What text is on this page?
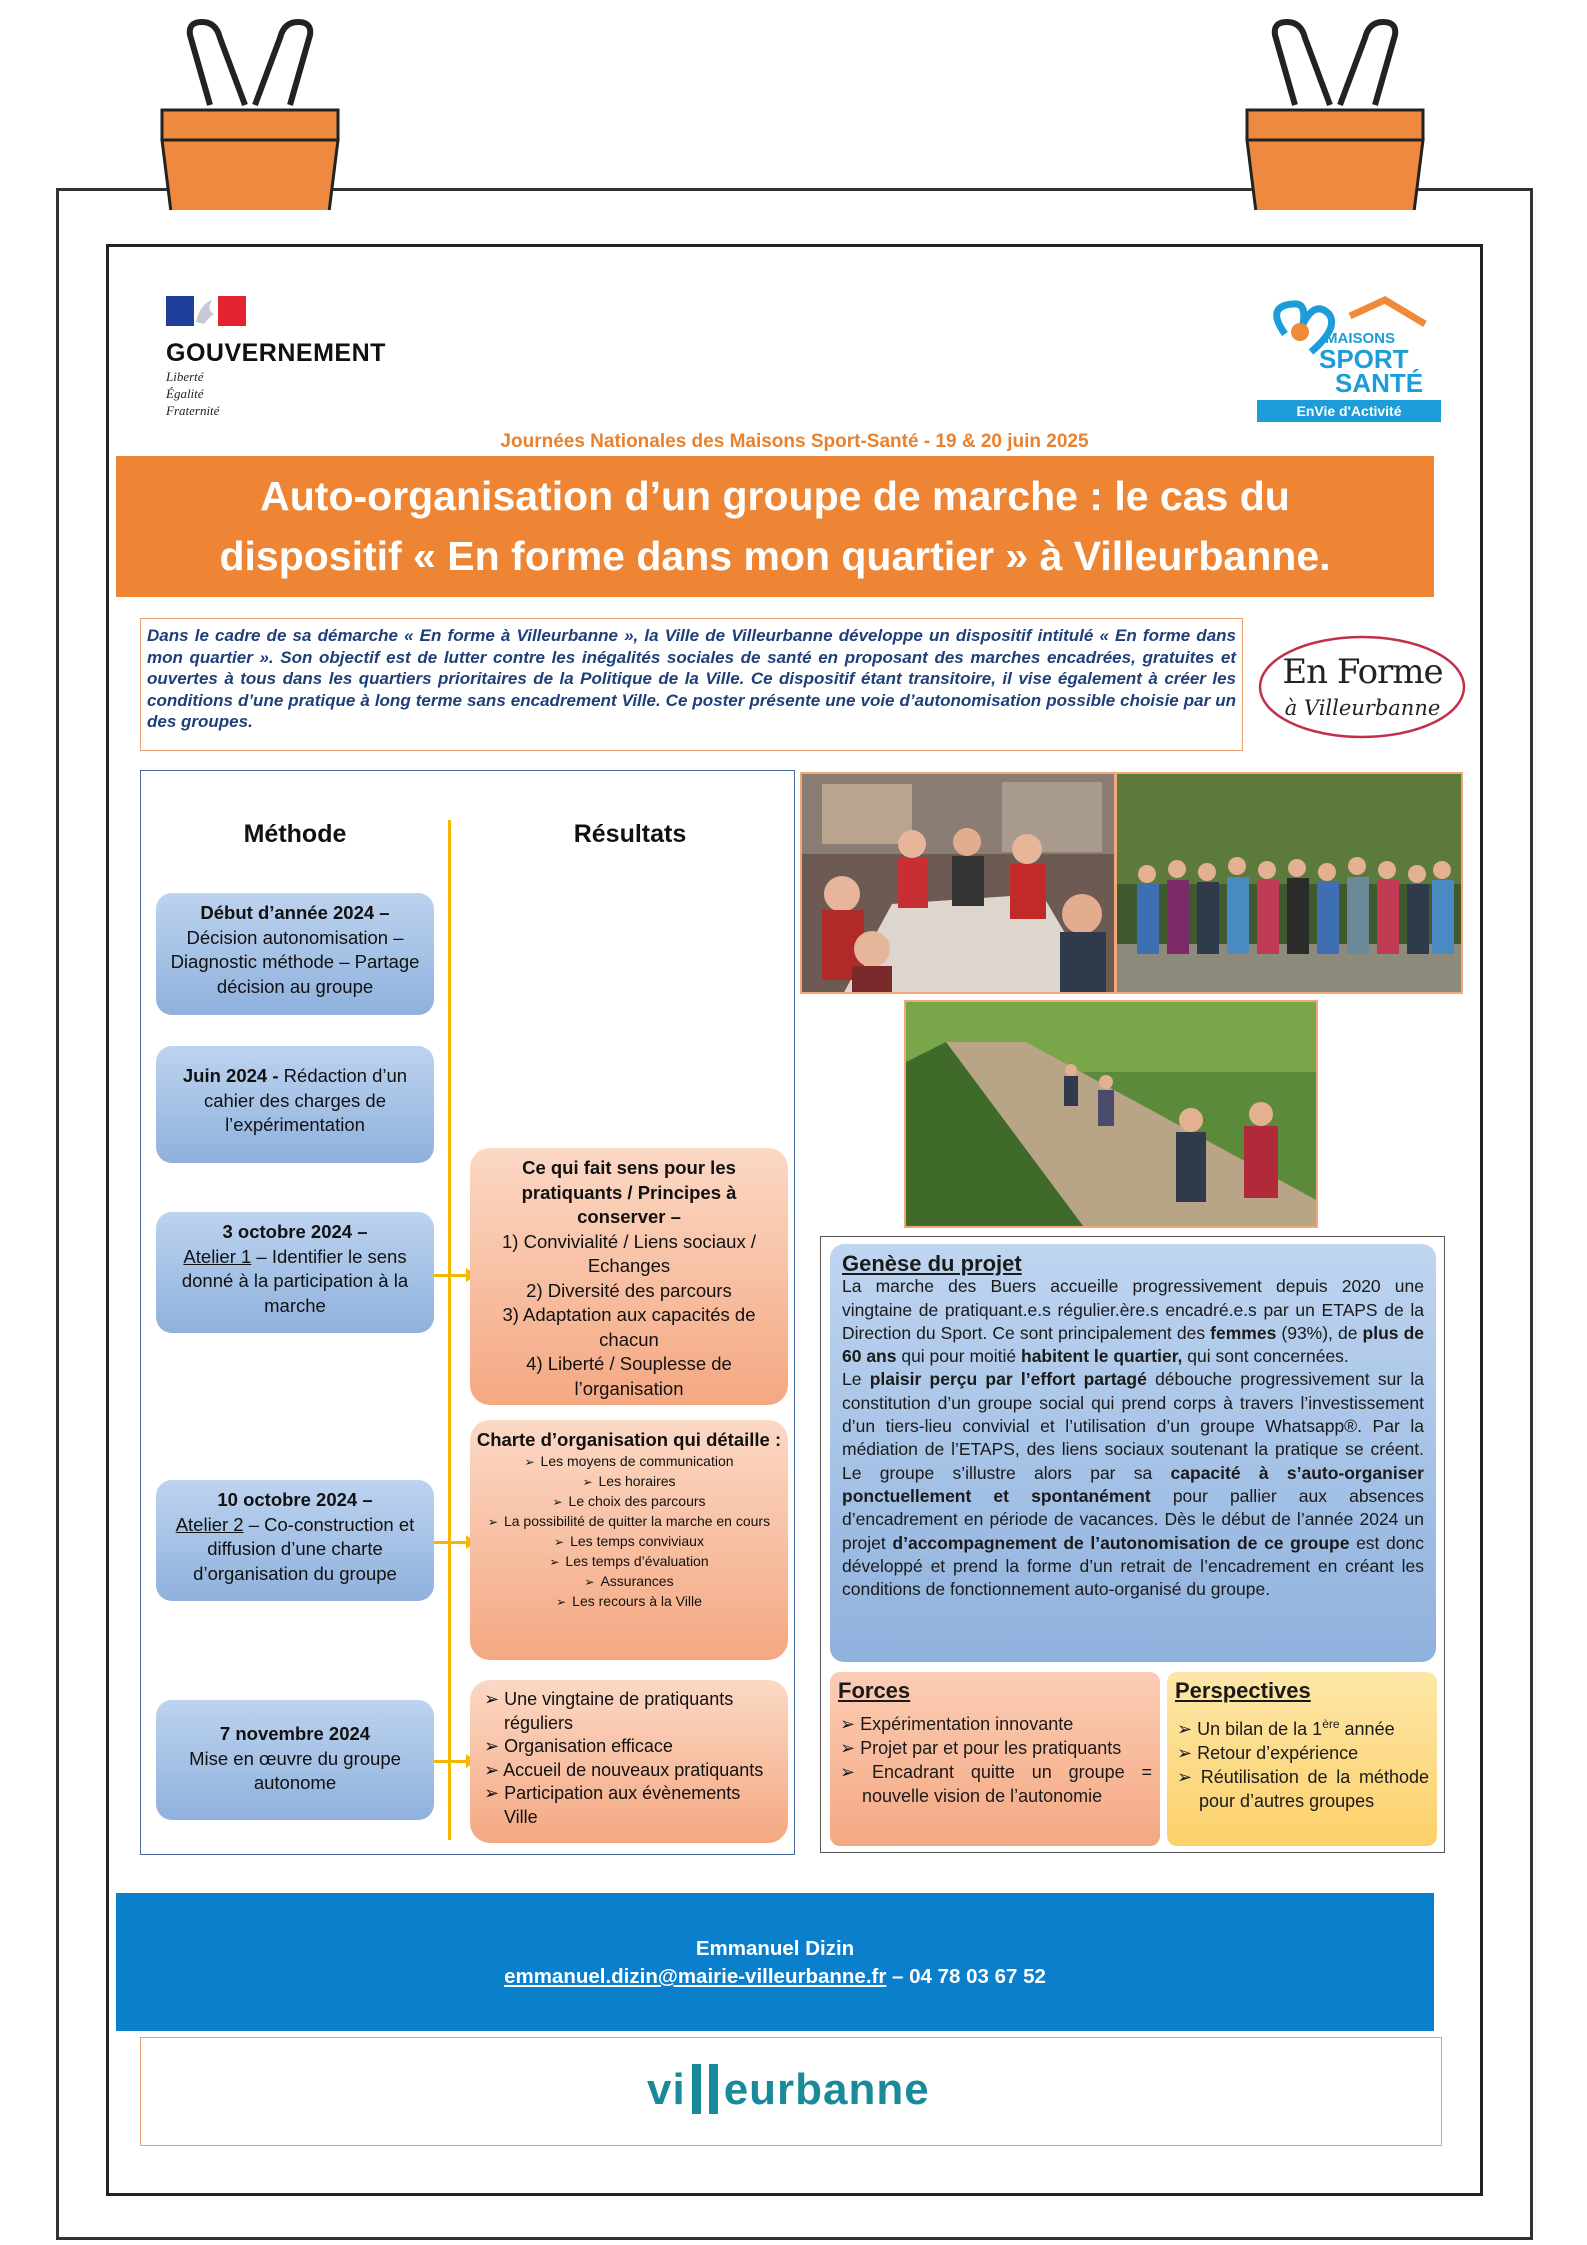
GOUVERNEMENT
Liberté
Égalité
Fraternité
MAISONS
SPORT
SANTÉ
EnVie d'Activité
Journées Nationales des Maisons Sport-Santé - 19 & 20 juin 2025
Auto-organisation d’un groupe de marche : le cas du
dispositif « En forme dans mon quartier » à Villeurbanne.
Dans le cadre de sa démarche « En forme à Villeurbanne », la Ville de Villeurbanne développe un dispositif intitulé « En forme dans mon quartier ». Son objectif est de lutter contre les inégalités sociales de santé en proposant des marches encadrées, gratuites et ouvertes à tous dans les quartiers prioritaires de la Politique de la Ville. Ce dispositif étant transitoire, il vise également à créer les conditions d’une pratique à long terme sans encadrement Ville. Ce poster présente une voie d’autonomisation possible choisie par un des groupes.
En Forme
à Villeurbanne
Méthode	Résultats
Début d’année 2024 –
Décision autonomisation – Diagnostic méthode – Partage décision au groupe
Juin 2024 - Rédaction d’un cahier des charges de l’expérimentation
3 octobre 2024 –
Atelier 1 – Identifier le sens donné à la participation à la marche
10 octobre 2024 –
Atelier 2 – Co-construction et diffusion d’une charte d’organisation du groupe
7 novembre 2024
Mise en œuvre du groupe autonome
Ce qui fait sens pour les pratiquants / Principes à conserver –
1) Convivialité / Liens sociaux / Echanges
2) Diversité des parcours
3) Adaptation aux capacités de chacun
4) Liberté / Souplesse de l’organisation
Charte d’organisation qui détaille :
➢ Les moyens de communication
➢ Les horaires
➢ Le choix des parcours
➢ La possibilité de quitter la marche en cours
➢ Les temps conviviaux
➢ Les temps d’évaluation
➢ Assurances
➢ Les recours à la Ville
➢ Une vingtaine de pratiquants réguliers
➢ Organisation efficace
➢ Accueil de nouveaux pratiquants
➢ Participation aux évènements Ville
Genèse du projet
La marche des Buers accueille progressivement depuis 2020 une vingtaine de pratiquant.e.s régulier.ère.s encadré.e.s par un ETAPS de la Direction du Sport. Ce sont principalement des femmes (93%), de plus de 60 ans qui pour moitié habitent le quartier, qui sont concernées.
Le plaisir perçu par l’effort partagé débouche progressivement sur la constitution d’un groupe social qui prend corps à travers l’investissement d’un tiers-lieu convivial et l’utilisation d’un groupe Whatsapp®. Par la médiation de l’ETAPS, des liens sociaux soutenant la pratique se créent. Le groupe s’illustre alors par sa capacité à s’auto-organiser ponctuellement et spontanément pour pallier aux absences d’encadrement en période de vacances. Dès le début de l’année 2024 un projet d’accompagnement de l’autonomisation de ce groupe est donc développé et prend la forme d’un retrait de l’encadrement en créant les conditions de fonctionnement auto-organisé du groupe.
Forces
➢ Expérimentation innovante
➢ Projet par et pour les pratiquants
➢ Encadrant quitte un groupe = nouvelle vision de l’autonomie
Perspectives
➢ Un bilan de la 1ère année
➢ Retour d’expérience
➢ Réutilisation de la méthode pour d’autres groupes
Emmanuel Dizin
emmanuel.dizin@mairie-villeurbanne.fr – 04 78 03 67 52
vi eurbanne
